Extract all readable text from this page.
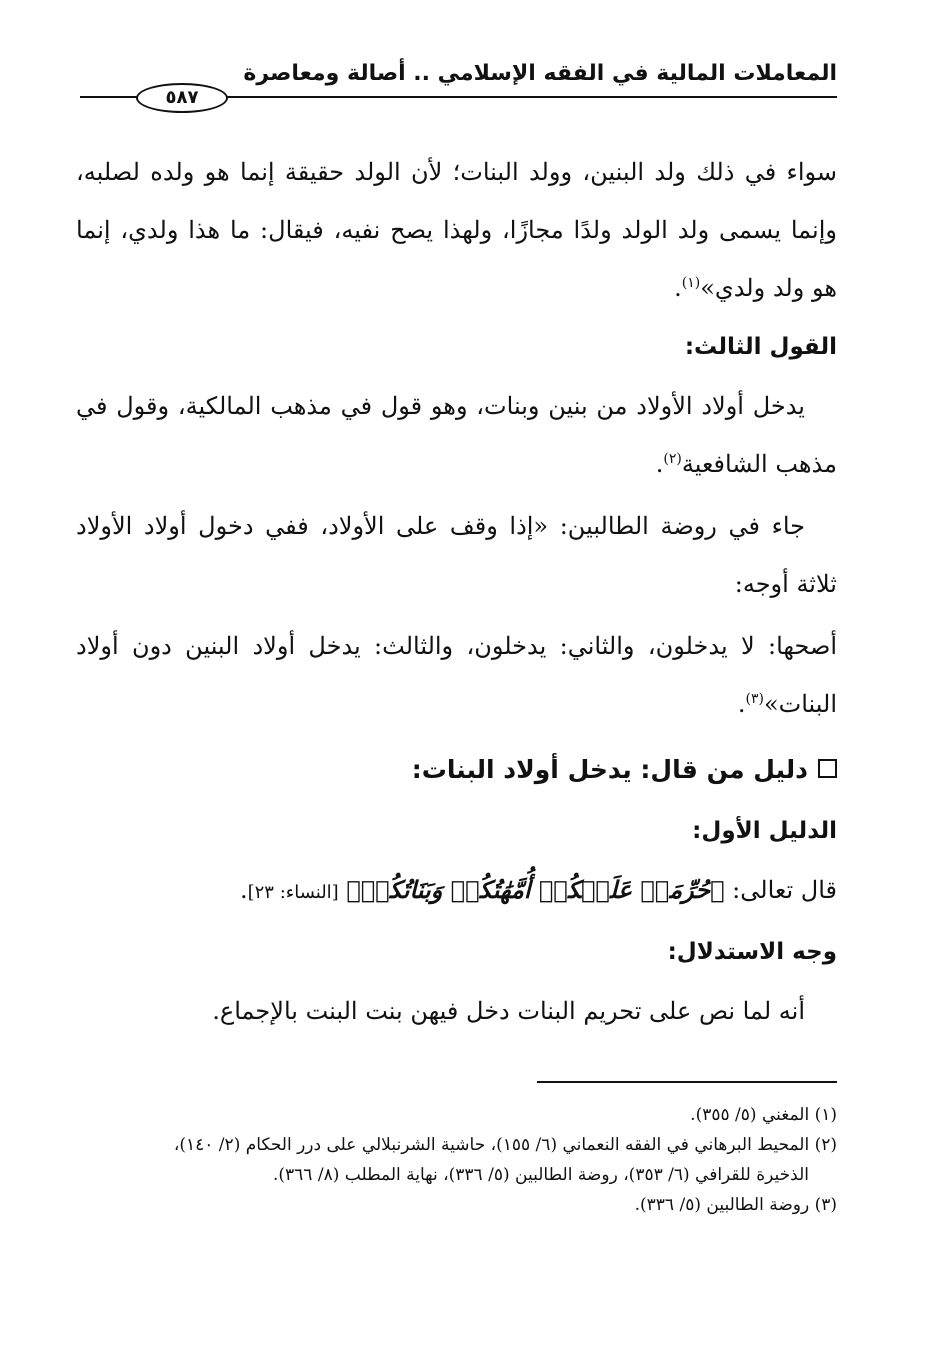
المعاملات المالية في الفقه الإسلامي .. أصالة ومعاصرة
٥٨٧

سواء في ذلك ولد البنين، وولد البنات؛ لأن الولد حقيقة إنما هو ولده لصلبه، وإنما يسمى ولد الولد ولدًا مجازًا، ولهذا يصح نفيه، فيقال: ما هذا ولدي، إنما هو ولد ولدي»$^{(١)}$.

القول الثالث:

يدخل أولاد الأولاد من بنين وبنات، وهو قول في مذهب المالكية، وقول في مذهب الشافعية$^{(٢)}$.

جاء في روضة الطالبين: «إذا وقف على الأولاد، ففي دخول أولاد الأولاد ثلاثة أوجه:

أصحها: لا يدخلون، والثاني: يدخلون، والثالث: يدخل أولاد البنين دون أولاد البنات»$^{(٣)}$.

دليل من قال: يدخل أولاد البنات:

الدليل الأول:

قال تعالى: ﴿حُرِّمَتۡ عَلَيۡكُمۡ أُمَّهَٰتُكُمۡ وَبَنَاتُكُمۡ﴾ [النساء: ٢٣].

وجه الاستدلال:

أنه لما نص على تحريم البنات دخل فيهن بنت البنت بالإجماع.

(١) المغني (٥/ ٣٥٥).

(٢) المحيط البرهاني في الفقه النعماني (٦/ ١٥٥)، حاشية الشرنبلالي على درر الحكام (٢/ ١٤٠)،

الذخيرة للقرافي (٦/ ٣٥٣)، روضة الطالبين (٥/ ٣٣٦)، نهاية المطلب (٨/ ٣٦٦).

(٣) روضة الطالبين (٥/ ٣٣٦).
